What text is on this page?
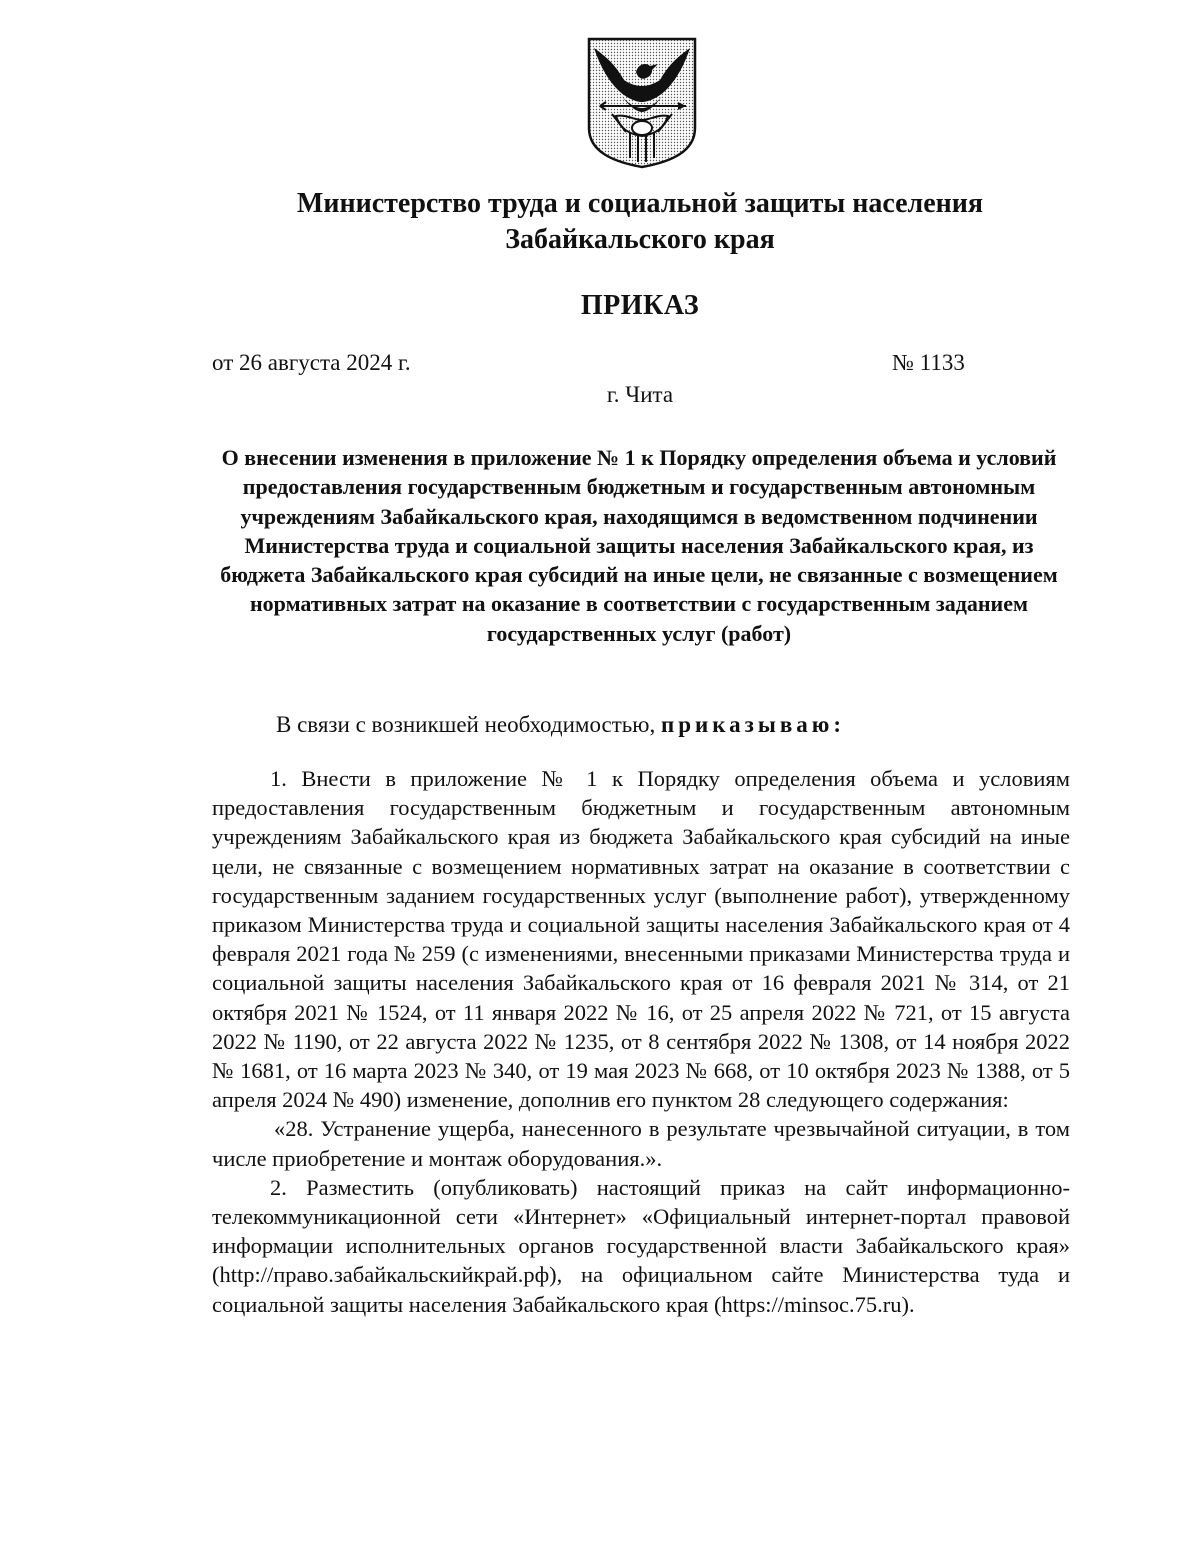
Министерство труда и социальной защиты населения
Забайкальского края
ПРИКАЗ
от 26 августа 2024 г.	№ 1133
г. Чита
О внесении изменения в приложение № 1 к Порядку определения объема и условий предоставления государственным бюджетным и государственным автономным учреждениям Забайкальского края, находящимся в ведомственном подчинении Министерства труда и социальной защиты населения Забайкальского края, из бюджета Забайкальского края субсидий на иные цели, не связанные с возмещением нормативных затрат на оказание в соответствии с государственным заданием государственных услуг (работ)
В связи с возникшей необходимостью, приказываю:

1. Внести в приложение № 1 к Порядку определения объема и условиям предоставления государственным бюджетным и государственным автономным учреждениям Забайкальского края из бюджета Забайкальского края субсидий на иные цели, не связанные с возмещением нормативных затрат на оказание в соответствии с государственным заданием государственных услуг (выполнение работ), утвержденному приказом Министерства труда и социальной защиты населения Забайкальского края от 4 февраля 2021 года № 259 (с изменениями, внесенными приказами Министерства труда и социальной защиты населения Забайкальского края от 16 февраля 2021 № 314, от 21 октября 2021 № 1524, от 11 января 2022 № 16, от 25 апреля 2022 № 721, от 15 августа 2022 № 1190, от 22 августа 2022 № 1235, от 8 сентября 2022 № 1308, от 14 ноября 2022 № 1681, от 16 марта 2023 № 340, от 19 мая 2023 № 668, от 10 октября 2023 № 1388, от 5 апреля 2024 № 490) изменение, дополнив его пунктом 28 следующего содержания:

«28. Устранение ущерба, нанесенного в результате чрезвычайной ситуации, в том числе приобретение и монтаж оборудования.».

2. Разместить (опубликовать) настоящий приказ на сайт информационно-телекоммуникационной сети «Интернет» «Официальный интернет-портал правовой информации исполнительных органов государственной власти Забайкальского края» (http://право.забайкальскийкрай.рф), на официальном сайте Министерства туда и социальной защиты населения Забайкальского края (https://minsoc.75.ru).
